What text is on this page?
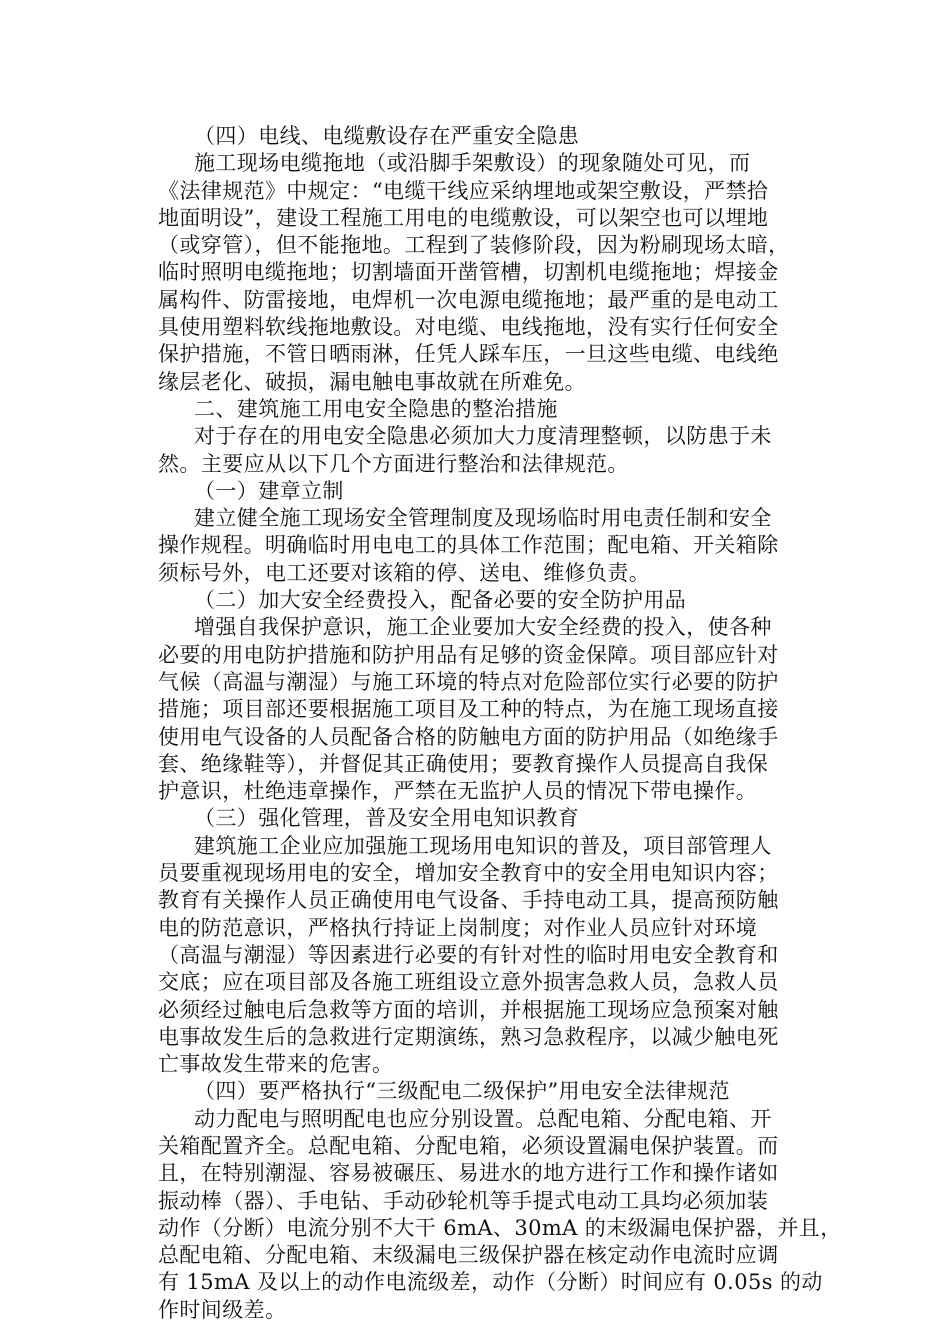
（四）电线、电缆敷设存在严重安全隐患
施工现场电缆拖地（或沿脚手架敷设）的现象随处可见，而
《法律规范》中规定：“电缆干线应采纳埋地或架空敷设，严禁拾
地面明设”，建设工程施工用电的电缆敷设，可以架空也可以埋地
（或穿管），但不能拖地。工程到了装修阶段，因为粉刷现场太暗，
临时照明电缆拖地；切割墙面开凿管槽，切割机电缆拖地；焊接金
属构件、防雷接地，电焊机一次电源电缆拖地；最严重的是电动工
具使用塑料软线拖地敷设。对电缆、电线拖地，没有实行任何安全
保护措施，不管日晒雨淋，任凭人踩车压，一旦这些电缆、电线绝
缘层老化、破损，漏电触电事故就在所难免。
二、建筑施工用电安全隐患的整治措施
对于存在的用电安全隐患必须加大力度清理整顿，以防患于未
然。主要应从以下几个方面进行整治和法律规范。
（一）建章立制
建立健全施工现场安全管理制度及现场临时用电责任制和安全
操作规程。明确临时用电电工的具体工作范围；配电箱、开关箱除
须标号外，电工还要对该箱的停、送电、维修负责。
（二）加大安全经费投入，配备必要的安全防护用品
增强自我保护意识，施工企业要加大安全经费的投入，使各种
必要的用电防护措施和防护用品有足够的资金保障。项目部应针对
气候（高温与潮湿）与施工环境的特点对危险部位实行必要的防护
措施；项目部还要根据施工项目及工种的特点，为在施工现场直接
使用电气设备的人员配备合格的防触电方面的防护用品（如绝缘手
套、绝缘鞋等），并督促其正确使用；要教育操作人员提高自我保
护意识，杜绝违章操作，严禁在无监护人员的情况下带电操作。
（三）强化管理，普及安全用电知识教育
建筑施工企业应加强施工现场用电知识的普及，项目部管理人
员要重视现场用电的安全，增加安全教育中的安全用电知识内容；
教育有关操作人员正确使用电气设备、手持电动工具，提高预防触
电的防范意识，严格执行持证上岗制度；对作业人员应针对环境
（高温与潮湿）等因素进行必要的有针对性的临时用电安全教育和
交底；应在项目部及各施工班组设立意外损害急救人员，急救人员
必须经过触电后急救等方面的培训，并根据施工现场应急预案对触
电事故发生后的急救进行定期演练，熟习急救程序，以减少触电死
亡事故发生带来的危害。
（四）要严格执行“三级配电二级保护”用电安全法律规范
动力配电与照明配电也应分别设置。总配电箱、分配电箱、开
关箱配置齐全。总配电箱、分配电箱，必须设置漏电保护装置。而
且，在特别潮湿、容易被碾压、易进水的地方进行工作和操作诸如
振动棒（器）、手电钻、手动砂轮机等手提式电动工具均必须加装
动作（分断）电流分别不大干 6mA、30mA 的末级漏电保护器，并且，
总配电箱、分配电箱、末级漏电三级保护器在核定动作电流时应调
有 15mA 及以上的动作电流级差，动作（分断）时间应有 0.05s 的动
作时间级差。
